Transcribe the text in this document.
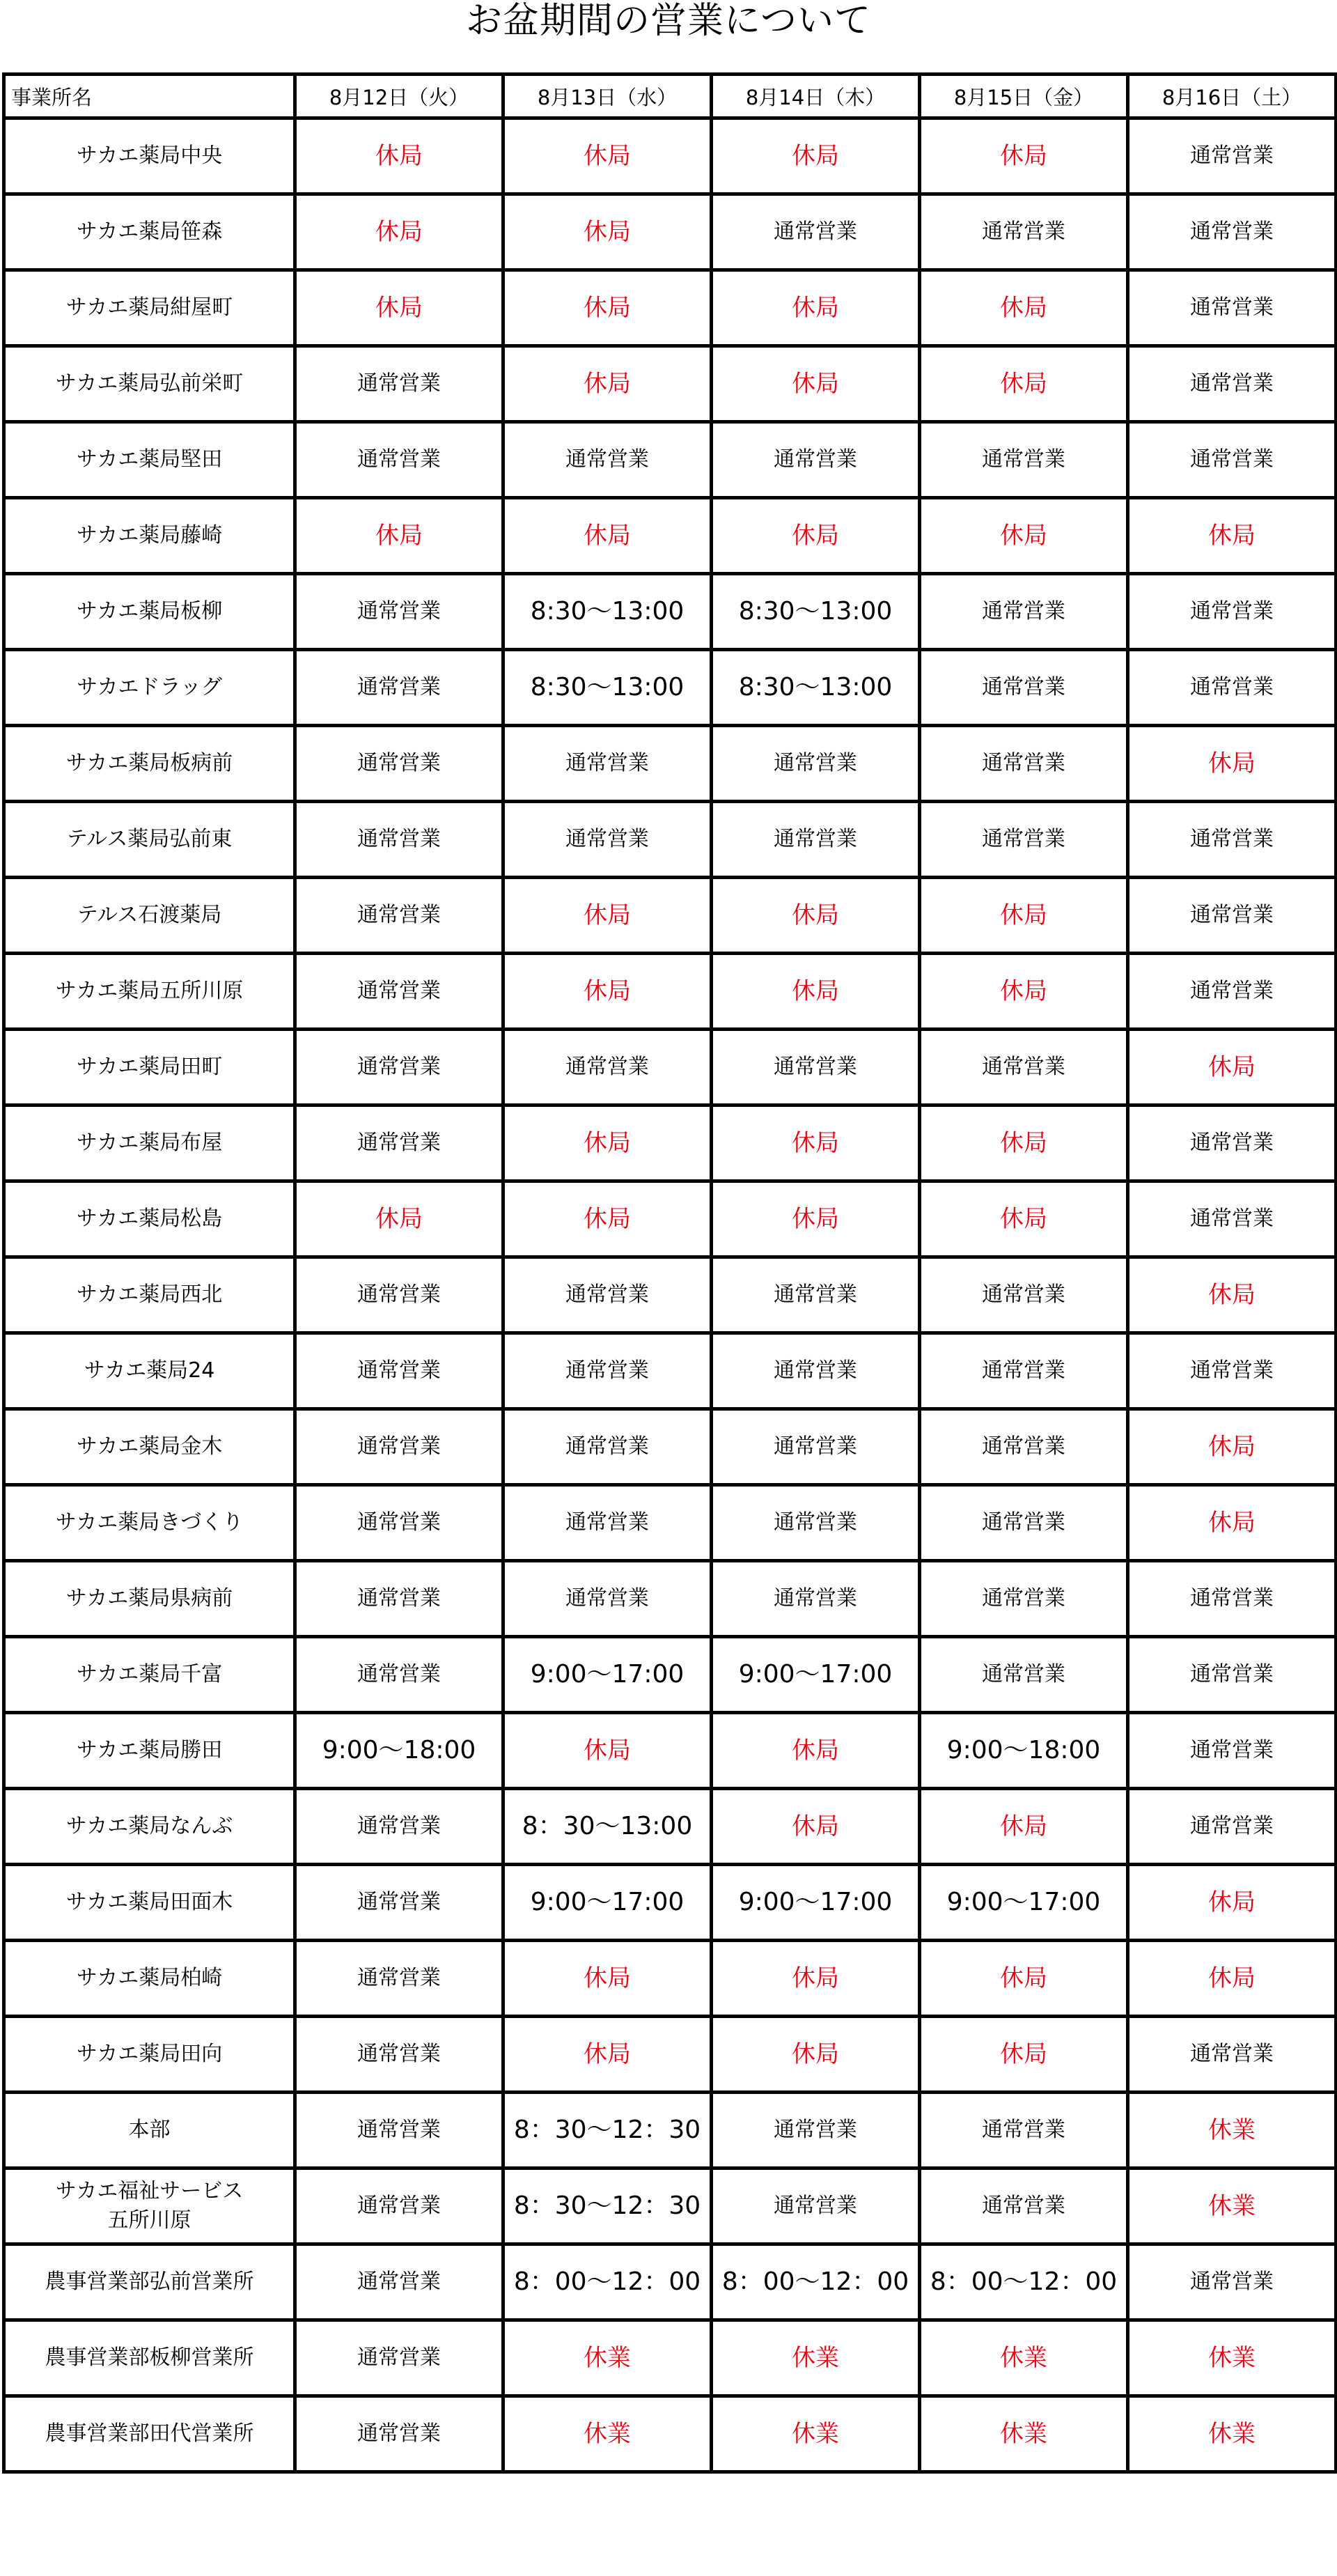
お盆期間の営業について
事業所名	8月12日（火）	8月13日（水）	8月14日（木）	8月15日（金）	8月16日（土）
サカエ薬局中央	休局	休局	休局	休局	通常営業
サカエ薬局笹森	休局	休局	通常営業	通常営業	通常営業
サカエ薬局紺屋町	休局	休局	休局	休局	通常営業
サカエ薬局弘前栄町	通常営業	休局	休局	休局	通常営業
サカエ薬局堅田	通常営業	通常営業	通常営業	通常営業	通常営業
サカエ薬局藤崎	休局	休局	休局	休局	休局
サカエ薬局板柳	通常営業	8:30～13:00	8:30～13:00	通常営業	通常営業
サカエドラッグ	通常営業	8:30～13:00	8:30～13:00	通常営業	通常営業
サカエ薬局板病前	通常営業	通常営業	通常営業	通常営業	休局
テルス薬局弘前東	通常営業	通常営業	通常営業	通常営業	通常営業
テルス石渡薬局	通常営業	休局	休局	休局	通常営業
サカエ薬局五所川原	通常営業	休局	休局	休局	通常営業
サカエ薬局田町	通常営業	通常営業	通常営業	通常営業	休局
サカエ薬局布屋	通常営業	休局	休局	休局	通常営業
サカエ薬局松島	休局	休局	休局	休局	通常営業
サカエ薬局西北	通常営業	通常営業	通常営業	通常営業	休局
サカエ薬局24	通常営業	通常営業	通常営業	通常営業	通常営業
サカエ薬局金木	通常営業	通常営業	通常営業	通常営業	休局
サカエ薬局きづくり	通常営業	通常営業	通常営業	通常営業	休局
サカエ薬局県病前	通常営業	通常営業	通常営業	通常営業	通常営業
サカエ薬局千富	通常営業	9:00～17:00	9:00～17:00	通常営業	通常営業
サカエ薬局勝田	9:00～18:00	休局	休局	9:00～18:00	通常営業
サカエ薬局なんぶ	通常営業	8：30～13:00	休局	休局	通常営業
サカエ薬局田面木	通常営業	9:00～17:00	9:00～17:00	9:00～17:00	休局
サカエ薬局柏崎	通常営業	休局	休局	休局	休局
サカエ薬局田向	通常営業	休局	休局	休局	通常営業
本部	通常営業	8：30～12：30	通常営業	通常営業	休業
サカエ福祉サービス
五所川原	通常営業	8：30～12：30	通常営業	通常営業	休業
農事営業部弘前営業所	通常営業	8：00～12：00	8：00～12：00	8：00～12：00	通常営業
農事営業部板柳営業所	通常営業	休業	休業	休業	休業
農事営業部田代営業所	通常営業	休業	休業	休業	休業
